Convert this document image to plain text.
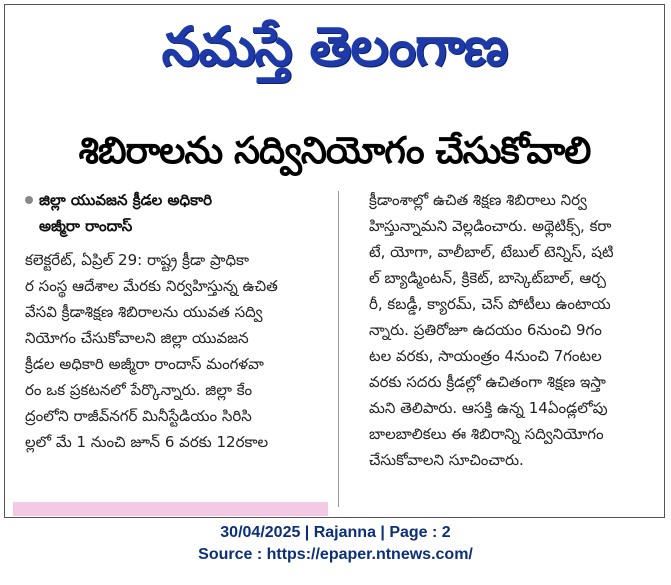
నమస్తే తెలంగాణ
శిబిరాలను సద్వినియోగం చేసుకోవాలి
జిల్లా యువజన క్రీడల అధికారి
అజ్మీరా రాందాస్
కలెక్టరేట్, ఏప్రిల్ 29: రాష్ట్ర క్రీడా ప్రాధికా
ర సంస్థ ఆదేశాల మేరకు నిర్వహిస్తున్న ఉచిత
వేసవి క్రీడాశిక్షణ శిబిరాలను యువత సద్వి
నియోగం చేసుకోవాలని జిల్లా యువజన
క్రీడల అధికారి అజ్మీరా రాందాస్ మంగళవా
రం ఒక ప్రకటనలో పేర్కొన్నారు. జిల్లా కేం
ద్రంలోని రాజీవ్‌నగర్ మినీస్టేడియం సిరిసి
ల్లలో మే 1 నుంచి జూన్ 6 వరకు 12రకాల
క్రీడాంశాల్లో ఉచిత శిక్షణ శిబిరాలు నిర్వ
హిస్తున్నామని వెల్లడించారు. అథ్లెటిక్స్, కరా
టే, యోగా, వాలీబాల్, టేబుల్ టెన్నిస్, షటి
ల్ బ్యాడ్మింటన్, క్రికెట్, బాస్కెట్‌బాల్, ఆర్చ
రీ, కబడ్డీ, క్యారమ్, చెస్ పోటీలు ఉంటాయ
న్నారు. ప్రతిరోజూ ఉదయం 6నుంచి 9గం
టల వరకు, సాయంత్రం 4నుంచి 7గంటల
వరకు సదరు క్రీడల్లో ఉచితంగా శిక్షణ ఇస్తా
మని తెలిపారు. ఆసక్తి ఉన్న 14ఏండ్లలోపు
బాలబాలికలు ఈ శిబిరాన్ని సద్వినియోగం
చేసుకోవాలని సూచించారు.
30/04/2025 | Rajanna | Page : 2
Source : https://epaper.ntnews.com/
